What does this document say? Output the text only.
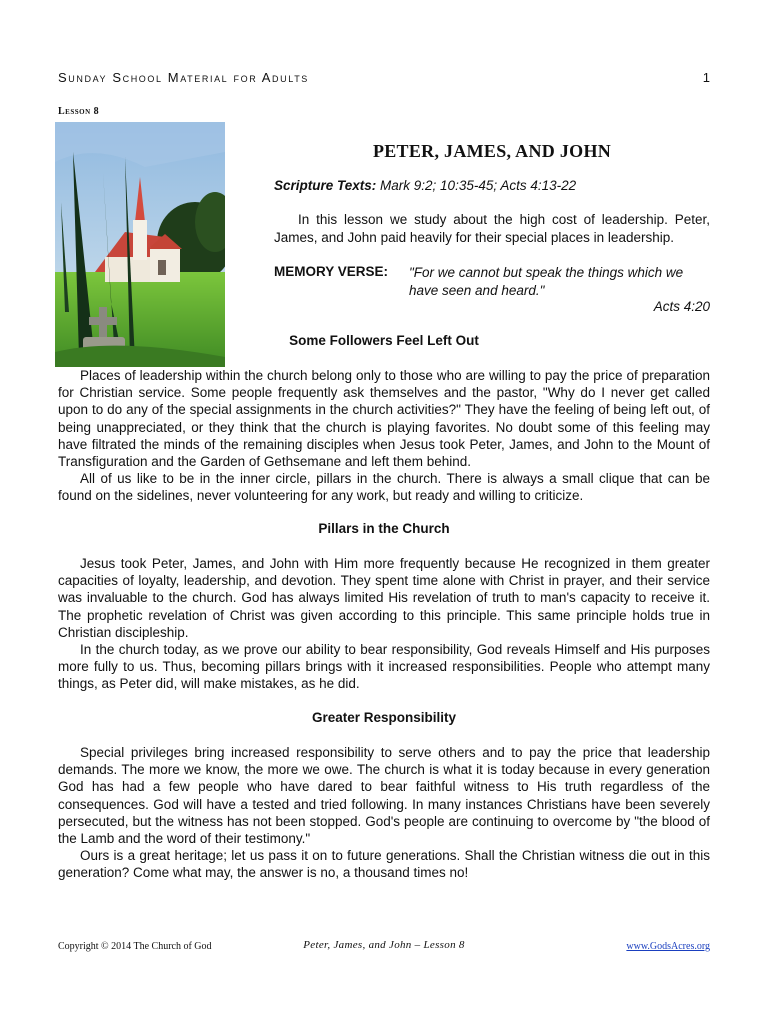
Sunday School Material for Adults	1
Lesson 8
PETER, JAMES, AND JOHN
Scripture Texts: Mark 9:2; 10:35-45; Acts 4:13-22

In this lesson we study about the high cost of leadership. Peter, James, and John paid heavily for their special places in leadership.

MEMORY VERSE: "For we cannot but speak the things which we have seen and heard."
Acts 4:20
Some Followers Feel Left Out

Places of leadership within the church belong only to those who are willing to pay the price of preparation for Christian service. Some people frequently ask themselves and the pastor, "Why do I never get called upon to do any of the special assignments in the church activities?" They have the feeling of being left out, of being unappreciated, or they think that the church is playing favorites. No doubt some of this feeling may have filtrated the minds of the remaining disciples when Jesus took Peter, James, and John to the Mount of Transfiguration and the Garden of Gethsemane and left them behind.

All of us like to be in the inner circle, pillars in the church. There is always a small clique that can be found on the sidelines, never volunteering for any work, but ready and willing to criticize.

Pillars in the Church

Jesus took Peter, James, and John with Him more frequently because He recognized in them greater capacities of loyalty, leadership, and devotion. They spent time alone with Christ in prayer, and their service was invaluable to the church. God has always limited His revelation of truth to man's capacity to receive it. The prophetic revelation of Christ was given according to this principle. This same principle holds true in Christian discipleship.

In the church today, as we prove our ability to bear responsibility, God reveals Himself and His purposes more fully to us. Thus, becoming pillars brings with it increased responsibilities. People who attempt many things, as Peter did, will make mistakes, as he did.

Greater Responsibility

Special privileges bring increased responsibility to serve others and to pay the price that leadership demands. The more we know, the more we owe. The church is what it is today because in every generation God has had a few people who have dared to bear faithful witness to His truth regardless of the consequences. God will have a tested and tried following. In many instances Christians have been severely persecuted, but the witness has not been stopped. God's people are continuing to overcome by "the blood of the Lamb and the word of their testimony."

Ours is a great heritage; let us pass it on to future generations. Shall the Christian witness die out in this generation? Come what may, the answer is no, a thousand times no!

Copyright © 2014 The Church of God	Peter, James, and John – Lesson 8	www.GodsAcres.org
